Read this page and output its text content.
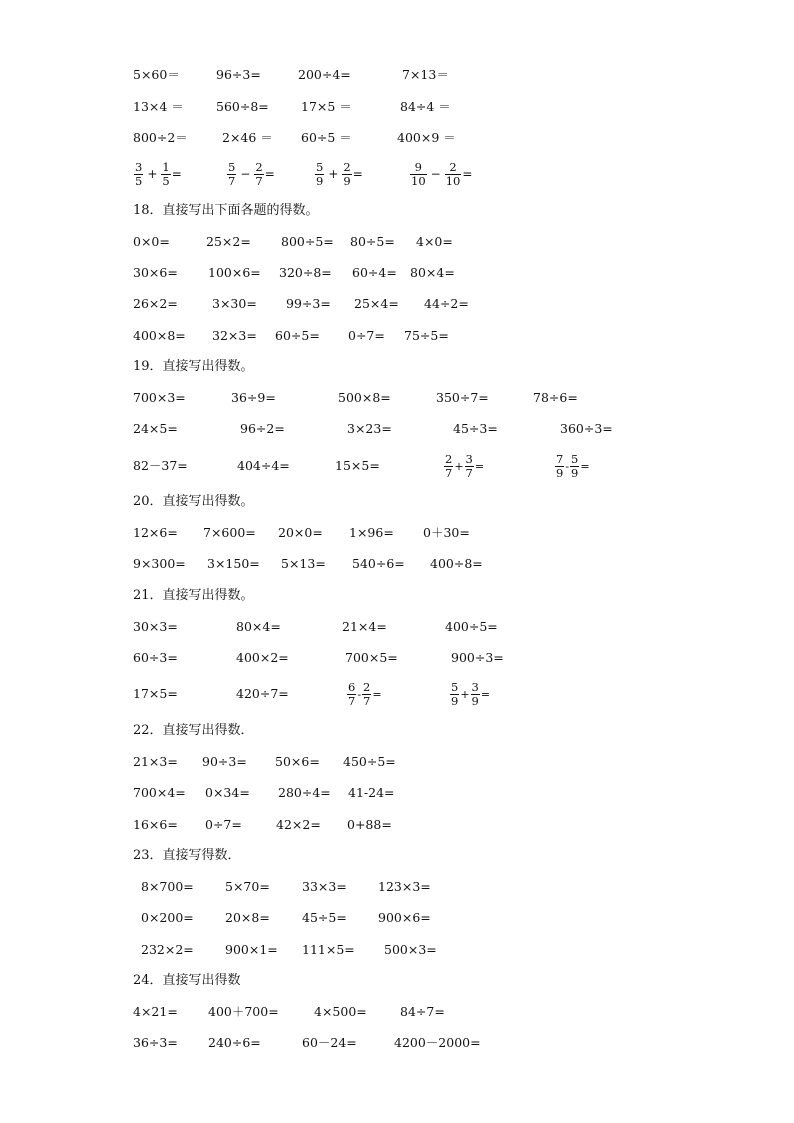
5×60＝	96÷3=	200÷4=	7×13＝
13×4 ＝	560÷8=	17×5 ＝	84÷4 ＝
800÷2＝	2×46 ＝ 60÷5 ＝	400×9 ＝
$\frac{3}{5} + \frac{1}{5}$ =	$\frac{5}{7} - \frac{2}{7}$ =	$\frac{5}{9} + \frac{2}{9}$ =	$\frac{9}{10} - \frac{2}{10}$ =
18．直接写出下面各题的得数。
0×0=	25×2= 800÷5= 80÷5= 4×0=
30×6= 100×6= 320÷8= 60÷4= 80×4=
26×2=	3×30= 99÷3= 25×4= 44÷2=
400×8= 32×3= 60÷5= 0÷7= 75÷5=
19．直接写出得数。
700×3=	36÷9=	500×8=	350÷7=	78÷6=
24×5=	96÷2=	3×23=	45÷3=	360÷3=
82－37=	404÷4=	15×5=	$\frac{2}{7} + \frac{3}{7}$ =	$\frac{7}{9} - \frac{5}{9}$ =
20．直接写出得数。
12×6= 7×600= 20×0= 1×96= 0＋30=
9×300= 3×150= 5×13= 540÷6= 400÷8=
21．直接写出得数。
30×3=	80×4=	21×4=	400÷5=
60÷3=	400×2=	700×5=	900÷3=
17×5=	420÷7=	$\frac{6}{7} - \frac{2}{7}$ =	$\frac{5}{9} + \frac{3}{9}$ =
22．直接写出得数．
21×3= 90÷3= 50×6= 450÷5=
700×4= 0×34= 280÷4= 41-24=
16×6= 0÷7=	42×2= 0+88=
23．直接写得数．
8×700= 5×70=	33×3= 123×3=
0×200= 20×8=	45÷5= 900×6=
232×2= 900×1= 111×5= 500×3=
24．直接写出得数
4×21= 400＋700=	4×500=	84÷7=
36÷3= 240÷6=	60－24=	4200－2000=
